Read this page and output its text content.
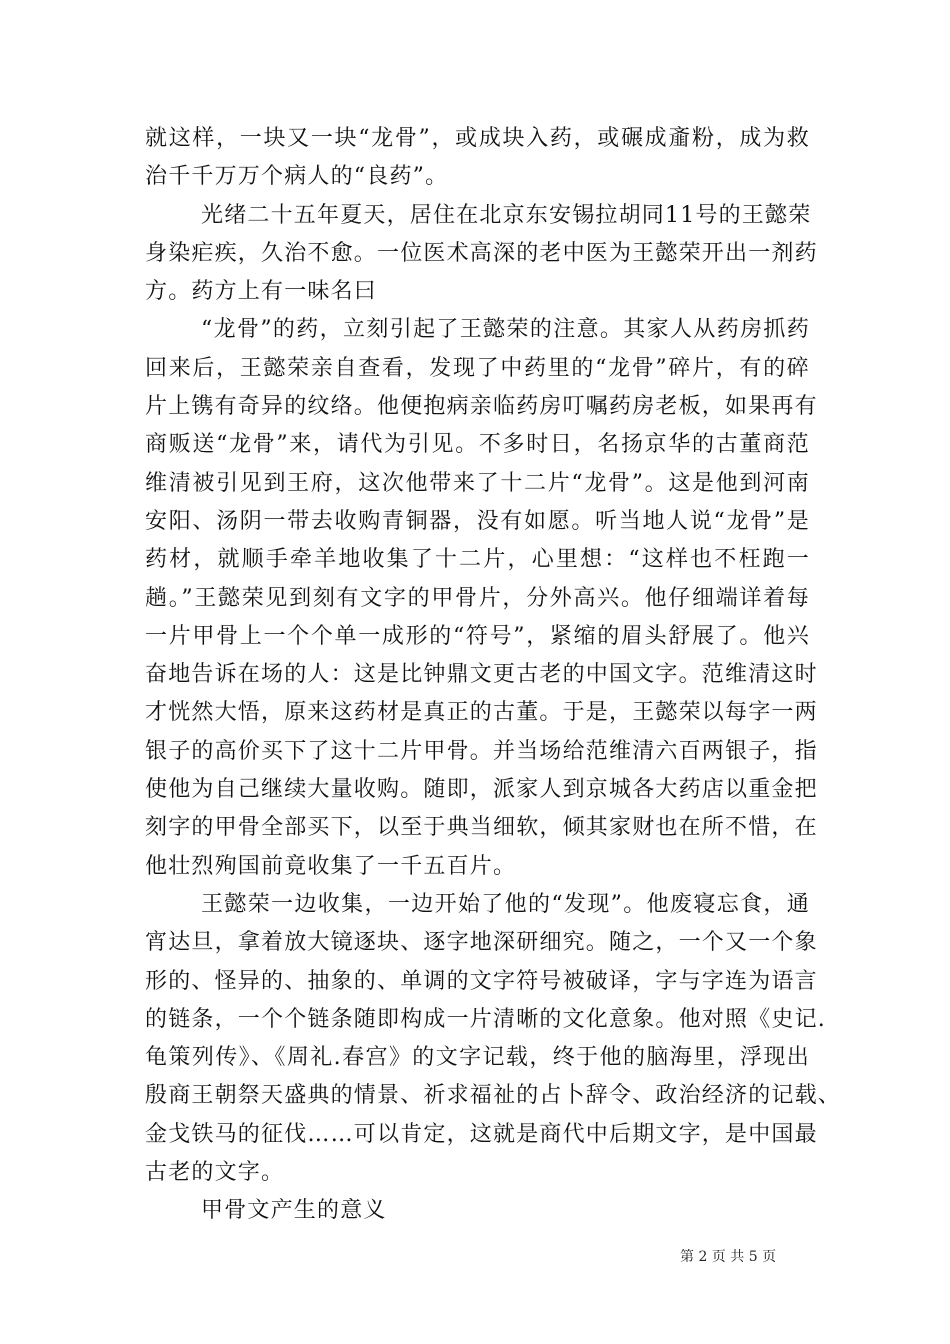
就这样，一块又一块“龙骨”，或成块入药，或碾成齑粉，成为救
治千千万万个病人的“良药”。
光绪二十五年夏天，居住在北京东安锡拉胡同11号的王懿荣
身染疟疾，久治不愈。一位医术高深的老中医为王懿荣开出一剂药
方。药方上有一味名曰
“龙骨”的药，立刻引起了王懿荣的注意。其家人从药房抓药
回来后，王懿荣亲自查看，发现了中药里的“龙骨”碎片，有的碎
片上镌有奇异的纹络。他便抱病亲临药房叮嘱药房老板，如果再有
商贩送“龙骨”来，请代为引见。不多时日，名扬京华的古董商范
维清被引见到王府，这次他带来了十二片“龙骨”。这是他到河南
安阳、汤阴一带去收购青铜器，没有如愿。听当地人说“龙骨”是
药材，就顺手牵羊地收集了十二片，心里想：“这样也不枉跑一
趟。”王懿荣见到刻有文字的甲骨片，分外高兴。他仔细端详着每
一片甲骨上一个个单一成形的“符号”，紧缩的眉头舒展了。他兴
奋地告诉在场的人：这是比钟鼎文更古老的中国文字。范维清这时
才恍然大悟，原来这药材是真正的古董。于是，王懿荣以每字一两
银子的高价买下了这十二片甲骨。并当场给范维清六百两银子，指
使他为自己继续大量收购。随即，派家人到京城各大药店以重金把
刻字的甲骨全部买下，以至于典当细软，倾其家财也在所不惜，在
他壮烈殉国前竟收集了一千五百片。
王懿荣一边收集，一边开始了他的“发现”。他废寝忘食，通
宵达旦，拿着放大镜逐块、逐字地深研细究。随之，一个又一个象
形的、怪异的、抽象的、单调的文字符号被破译，字与字连为语言
的链条，一个个链条随即构成一片清晰的文化意象。他对照《史记.
龟策列传》、《周礼.春宫》的文字记载，终于他的脑海里，浮现出
殷商王朝祭天盛典的情景、祈求福祉的占卜辞令、政治经济的记载、
金戈铁马的征伐……可以肯定，这就是商代中后期文字，是中国最
古老的文字。
甲骨文产生的意义
第 2 页 共 5 页
